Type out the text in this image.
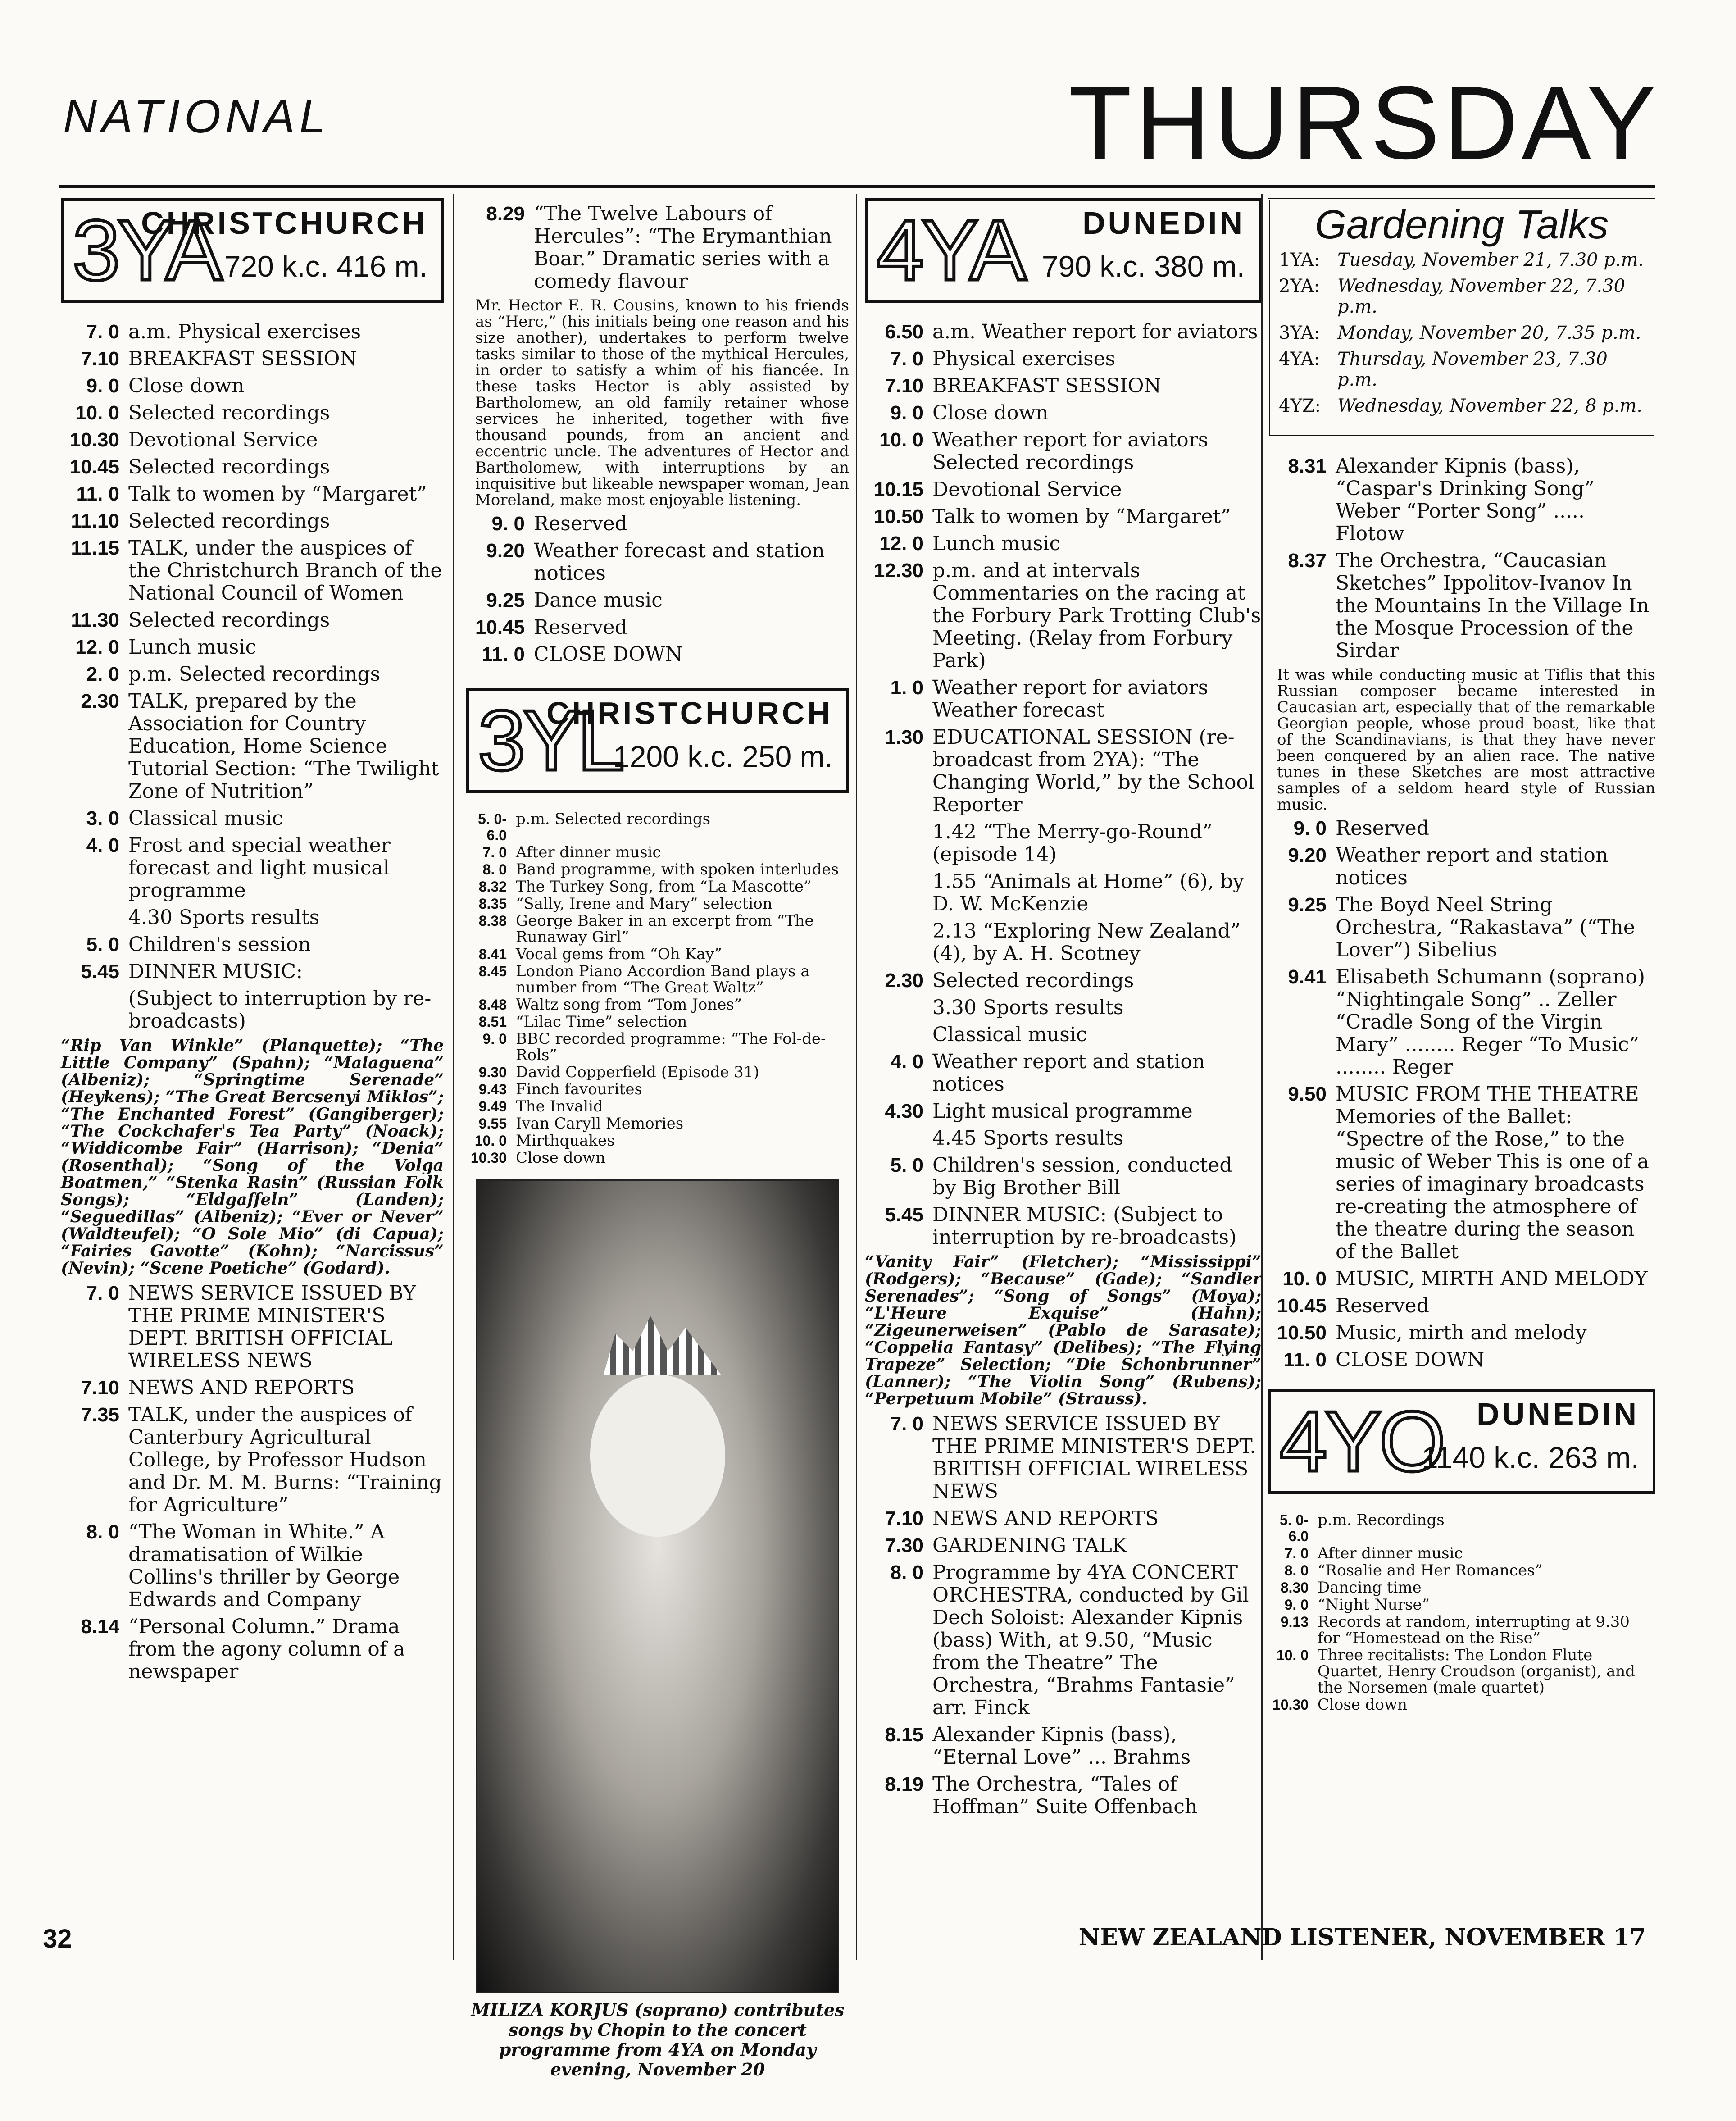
NATIONAL	THURSDAY
3YA
CHRISTCHURCH
720 k.c. 416 m.
7. 0 a.m. Physical exercises
7.10 BREAKFAST SESSION
9. 0 Close down
10. 0 Selected recordings
10.30 Devotional Service
10.45 Selected recordings
11. 0 Talk to women by “Margaret”
11.10 Selected recordings
11.15 TALK, under the auspices of the Christchurch Branch of the National Council of Women
11.30 Selected recordings
12. 0 Lunch music
2. 0 p.m. Selected recordings
2.30 TALK, prepared by the Association for Country Education, Home Science Tutorial Section: “The Twilight Zone of Nutrition”
3. 0 Classical music
4. 0 Frost and special weather forecast and light musical programme
4.30 Sports results
5. 0 Children's session
5.45 DINNER MUSIC:
(Subject to interruption by re-broadcasts)
“Rip Van Winkle” (Planquette); “The Little Company” (Spahn); “Malaguena” (Albeniz); “Springtime Serenade” (Heykens); “The Great Bercsenyi Miklos”; “The Enchanted Forest” (Gangiberger); “The Cockchafer's Tea Party” (Noack); “Widdicombe Fair” (Harrison); “Denia” (Rosenthal); “Song of the Volga Boatmen,” “Stenka Rasin” (Russian Folk Songs); “Eldgaffeln” (Landen); “Seguedillas” (Albeniz); “Ever or Never” (Waldteufel); “O Sole Mio” (di Capua); “Fairies Gavotte” (Kohn); “Narcissus” (Nevin); “Scene Poetiche” (Godard).
7. 0 NEWS SERVICE ISSUED BY THE PRIME MINISTER'S DEPT. BRITISH OFFICIAL WIRELESS NEWS
7.10 NEWS AND REPORTS
7.35 TALK, under the auspices of Canterbury Agricultural College, by Professor Hudson and Dr. M. M. Burns: “Training for Agriculture”
8. 0 “The Woman in White.” A dramatisation of Wilkie Collins's thriller by George Edwards and Company
8.14 “Personal Column.” Drama from the agony column of a newspaper
8.29 “The Twelve Labours of Hercules”: “The Erymanthian Boar.” Dramatic series with a comedy flavour
Mr. Hector E. R. Cousins, known to his friends as “Herc,” (his initials being one reason and his size another), undertakes to perform twelve tasks similar to those of the mythical Hercules, in order to satisfy a whim of his fiancée. In these tasks Hector is ably assisted by Bartholomew, an old family retainer whose services he inherited, together with five thousand pounds, from an ancient and eccentric uncle. The adventures of Hector and Bartholomew, with interruptions by an inquisitive but likeable newspaper woman, Jean Moreland, make most enjoyable listening.
9. 0 Reserved
9.20 Weather forecast and station notices
9.25 Dance music
10.45 Reserved
11. 0 CLOSE DOWN
3YL
CHRISTCHURCH
1200 k.c. 250 m.
5. 0-6.0
p.m. Selected recordings
7. 0 After dinner music
8. 0 Band programme, with spoken interludes
8.32 The Turkey Song, from “La Mascotte”
8.35 “Sally, Irene and Mary” selection
8.38 George Baker in an excerpt from “The Runaway Girl”
8.41 Vocal gems from “Oh Kay”
8.45 London Piano Accordion Band plays a number from “The Great Waltz”
8.48 Waltz song from “Tom Jones”
8.51 “Lilac Time” selection
9. 0 BBC recorded programme: “The Fol-de-Rols”
9.30 David Copperfield (Episode 31)
9.43 Finch favourites
9.49 The Invalid
9.55 Ivan Caryll Memories
10. 0 Mirthquakes
10.30 Close down
MILIZA KORJUS (soprano) contributes songs by Chopin to the concert programme from 4YA on Monday evening, November 20
4YA DUNEDIN
790 k.c. 380 m.
6.50 a.m. Weather report for aviators
7. 0 Physical exercises
7.10 BREAKFAST SESSION
9. 0 Close down
10. 0 Weather report for aviators Selected recordings
10.15 Devotional Service
10.50 Talk to women by “Margaret”
12. 0 Lunch music
12.30 p.m. and at intervals Commentaries on the racing at the Forbury Park Trotting Club's Meeting. (Relay from Forbury Park)
1. 0 Weather report for aviators Weather forecast
1.30 EDUCATIONAL SESSION (re-broadcast from 2YA): “The Changing World,” by the School Reporter
1.42 “The Merry-go-Round” (episode 14)
1.55 “Animals at Home” (6), by D. W. McKenzie
2.13 “Exploring New Zealand” (4), by A. H. Scotney
2.30 Selected recordings
3.30 Sports results
Classical music
4. 0 Weather report and station notices
4.30 Light musical programme
4.45 Sports results
5. 0 Children's session, conducted by Big Brother Bill
5.45 DINNER MUSIC: (Subject to interruption by re-broadcasts)
“Vanity Fair” (Fletcher); “Mississippi” (Rodgers); “Because” (Gade); “Sandler Serenades”; “Song of Songs” (Moya); “L'Heure Exquise” (Hahn); “Zigeunerweisen” (Pablo de Sarasate); “Coppelia Fantasy” (Delibes); “The Flying Trapeze” Selection; “Die Schonbrunner” (Lanner); “The Violin Song” (Rubens); “Perpetuum Mobile” (Strauss).
7. 0 NEWS SERVICE ISSUED BY THE PRIME MINISTER'S DEPT. BRITISH OFFICIAL WIRELESS NEWS
7.10 NEWS AND REPORTS
7.30 GARDENING TALK
8. 0 Programme by 4YA CONCERT ORCHESTRA, conducted by Gil Dech Soloist: Alexander Kipnis (bass) With, at 9.50, “Music from the Theatre” The Orchestra, “Brahms Fantasie” arr. Finck
8.15 Alexander Kipnis (bass), “Eternal Love” ... Brahms
8.19 The Orchestra, “Tales of Hoffman” Suite Offenbach
Gardening Talks
1YA: Tuesday, November 21, 7.30 p.m.
2YA: Wednesday, November 22, 7.30 p.m.
3YA: Monday, November 20, 7.35 p.m.
4YA: Thursday, November 23, 7.30 p.m.
4YZ: Wednesday, November 22, 8 p.m.
8.31 Alexander Kipnis (bass), “Caspar's Drinking Song” Weber “Porter Song” ..... Flotow
8.37 The Orchestra, “Caucasian Sketches” Ippolitov-Ivanov In the Mountains In the Village In the Mosque Procession of the Sirdar
It was while conducting music at Tiflis that this Russian composer became interested in Caucasian art, especially that of the remarkable Georgian people, whose proud boast, like that of the Scandinavians, is that they have never been conquered by an alien race. The native tunes in these Sketches are most attractive samples of a seldom heard style of Russian music.
9. 0 Reserved
9.20 Weather report and station notices
9.25 The Boyd Neel String Orchestra, “Rakastava” (“The Lover”) Sibelius
9.41 Elisabeth Schumann (soprano) “Nightingale Song” .. Zeller “Cradle Song of the Virgin Mary” ........ Reger “To Music” ........ Reger
9.50 MUSIC FROM THE THEATRE Memories of the Ballet: “Spectre of the Rose,” to the music of Weber This is one of a series of imaginary broadcasts re-creating the atmosphere of the theatre during the season of the Ballet
10. 0 MUSIC, MIRTH AND MELODY
10.45 Reserved
10.50 Music, mirth and melody
11. 0 CLOSE DOWN
4YO DUNEDIN
1140 k.c. 263 m.
5. 0-6.0
p.m. Recordings
7. 0 After dinner music
8. 0 “Rosalie and Her Romances”
8.30 Dancing time
9. 0 “Night Nurse”
9.13 Records at random, interrupting at 9.30 for “Homestead on the Rise”
10. 0 Three recitalists: The London Flute Quartet, Henry Croudson (organist), and the Norsemen (male quartet)
10.30 Close down
32	NEW ZEALAND LISTENER, NOVEMBER 17
